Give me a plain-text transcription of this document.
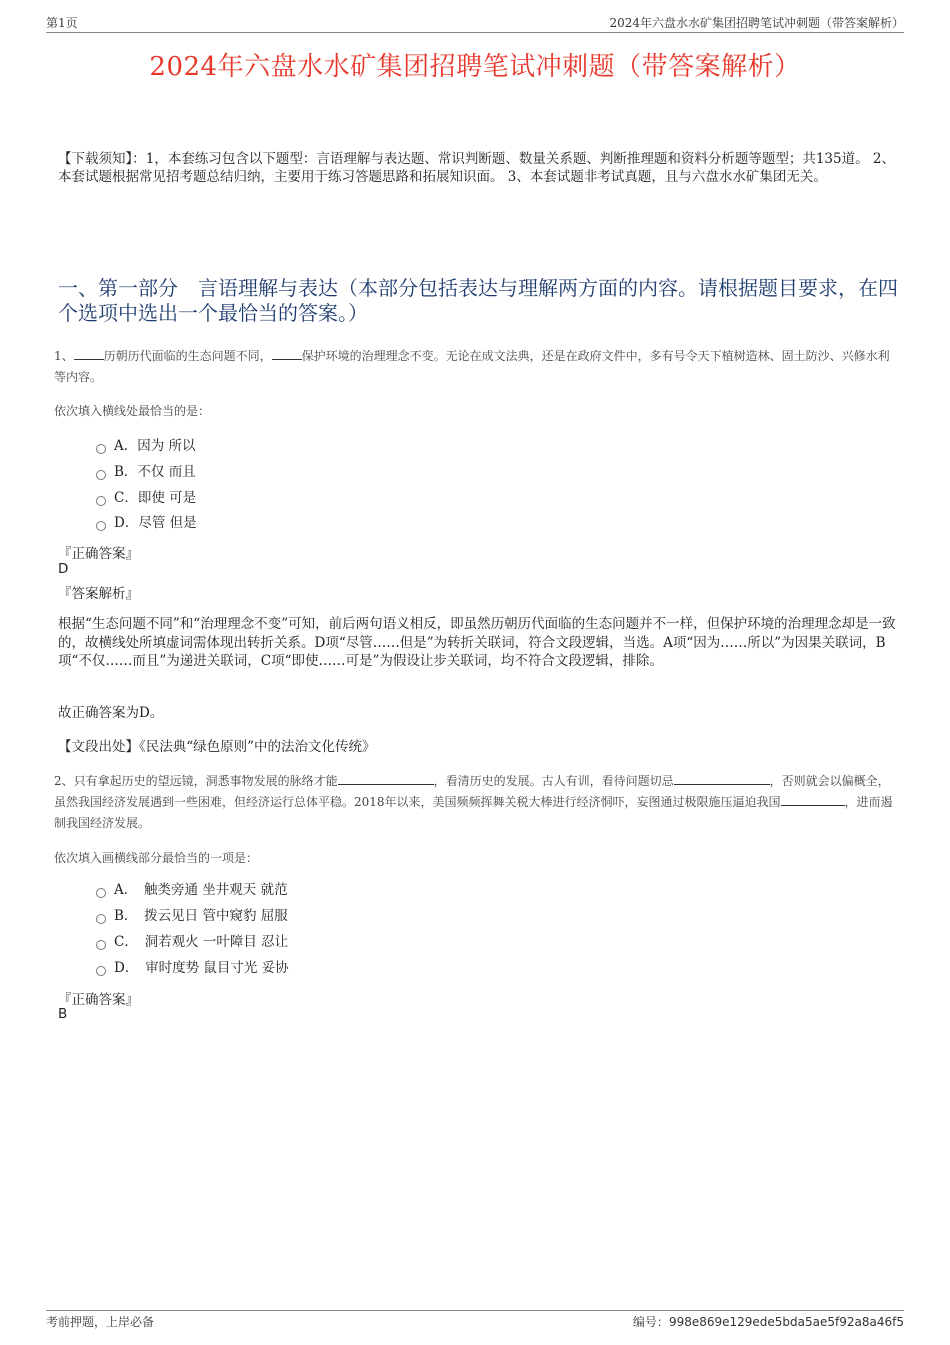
第1页	2024年六盘水水矿集团招聘笔试冲刺题（带答案解析）
2024年六盘水水矿集团招聘笔试冲刺题（带答案解析）
【下载须知】：1，本套练习包含以下题型：言语理解与表达题、常识判断题、数量关系题、判断推理题和资料分析题等题型；共135道。 2、本套试题根据常见招考题总结归纳，主要用于练习答题思路和拓展知识面。 3、本套试题非考试真题，且与六盘水水矿集团无关。
一、第一部分　言语理解与表达（本部分包括表达与理解两方面的内容。请根据题目要求，在四个选项中选出一个最恰当的答案。）
1、	历朝历代面临的生态问题不同，	保护环境的治理理念不变。无论在成文法典，还是在政府文件中，多有号令天下植树造林、固土防沙、兴修水利等内容。
依次填入横线处最恰当的是：
A．因为 所以
B．不仅 而且
C．即使 可是
D．尽管 但是
『正确答案』
D
『答案解析』
根据“生态问题不同”和“治理理念不变”可知，前后两句语义相反，即虽然历朝历代面临的生态问题并不一样，但保护环境的治理理念却是一致的，故横线处所填虚词需体现出转折关系。D项“尽管……但是”为转折关联词，符合文段逻辑，当选。A项“因为……所以”为因果关联词，B项“不仅……而且”为递进关联词，C项“即使……可是”为假设让步关联词，均不符合文段逻辑，排除。
故正确答案为D。
【文段出处】《民法典“绿色原则”中的法治文化传统》
2、只有拿起历史的望远镜，洞悉事物发展的脉络才能	，看清历史的发展。古人有训，看待问题切忌	，否则就会以偏概全，虽然我国经济发展遇到一些困难，但经济运行总体平稳。2018年以来，美国频频挥舞关税大棒进行经济恫吓，妄图通过极限施压逼迫我国	，进而遏制我国经济发展。
依次填入画横线部分最恰当的一项是：
A．　触类旁通 坐井观天 就范
B．　拨云见日 管中窥豹 屈服
C．　洞若观火 一叶障目 忍让
D．　审时度势 鼠目寸光 妥协
『正确答案』
B
考前押题，上岸必备	编号：998e869e129ede5bda5ae5f92a8a46f5
